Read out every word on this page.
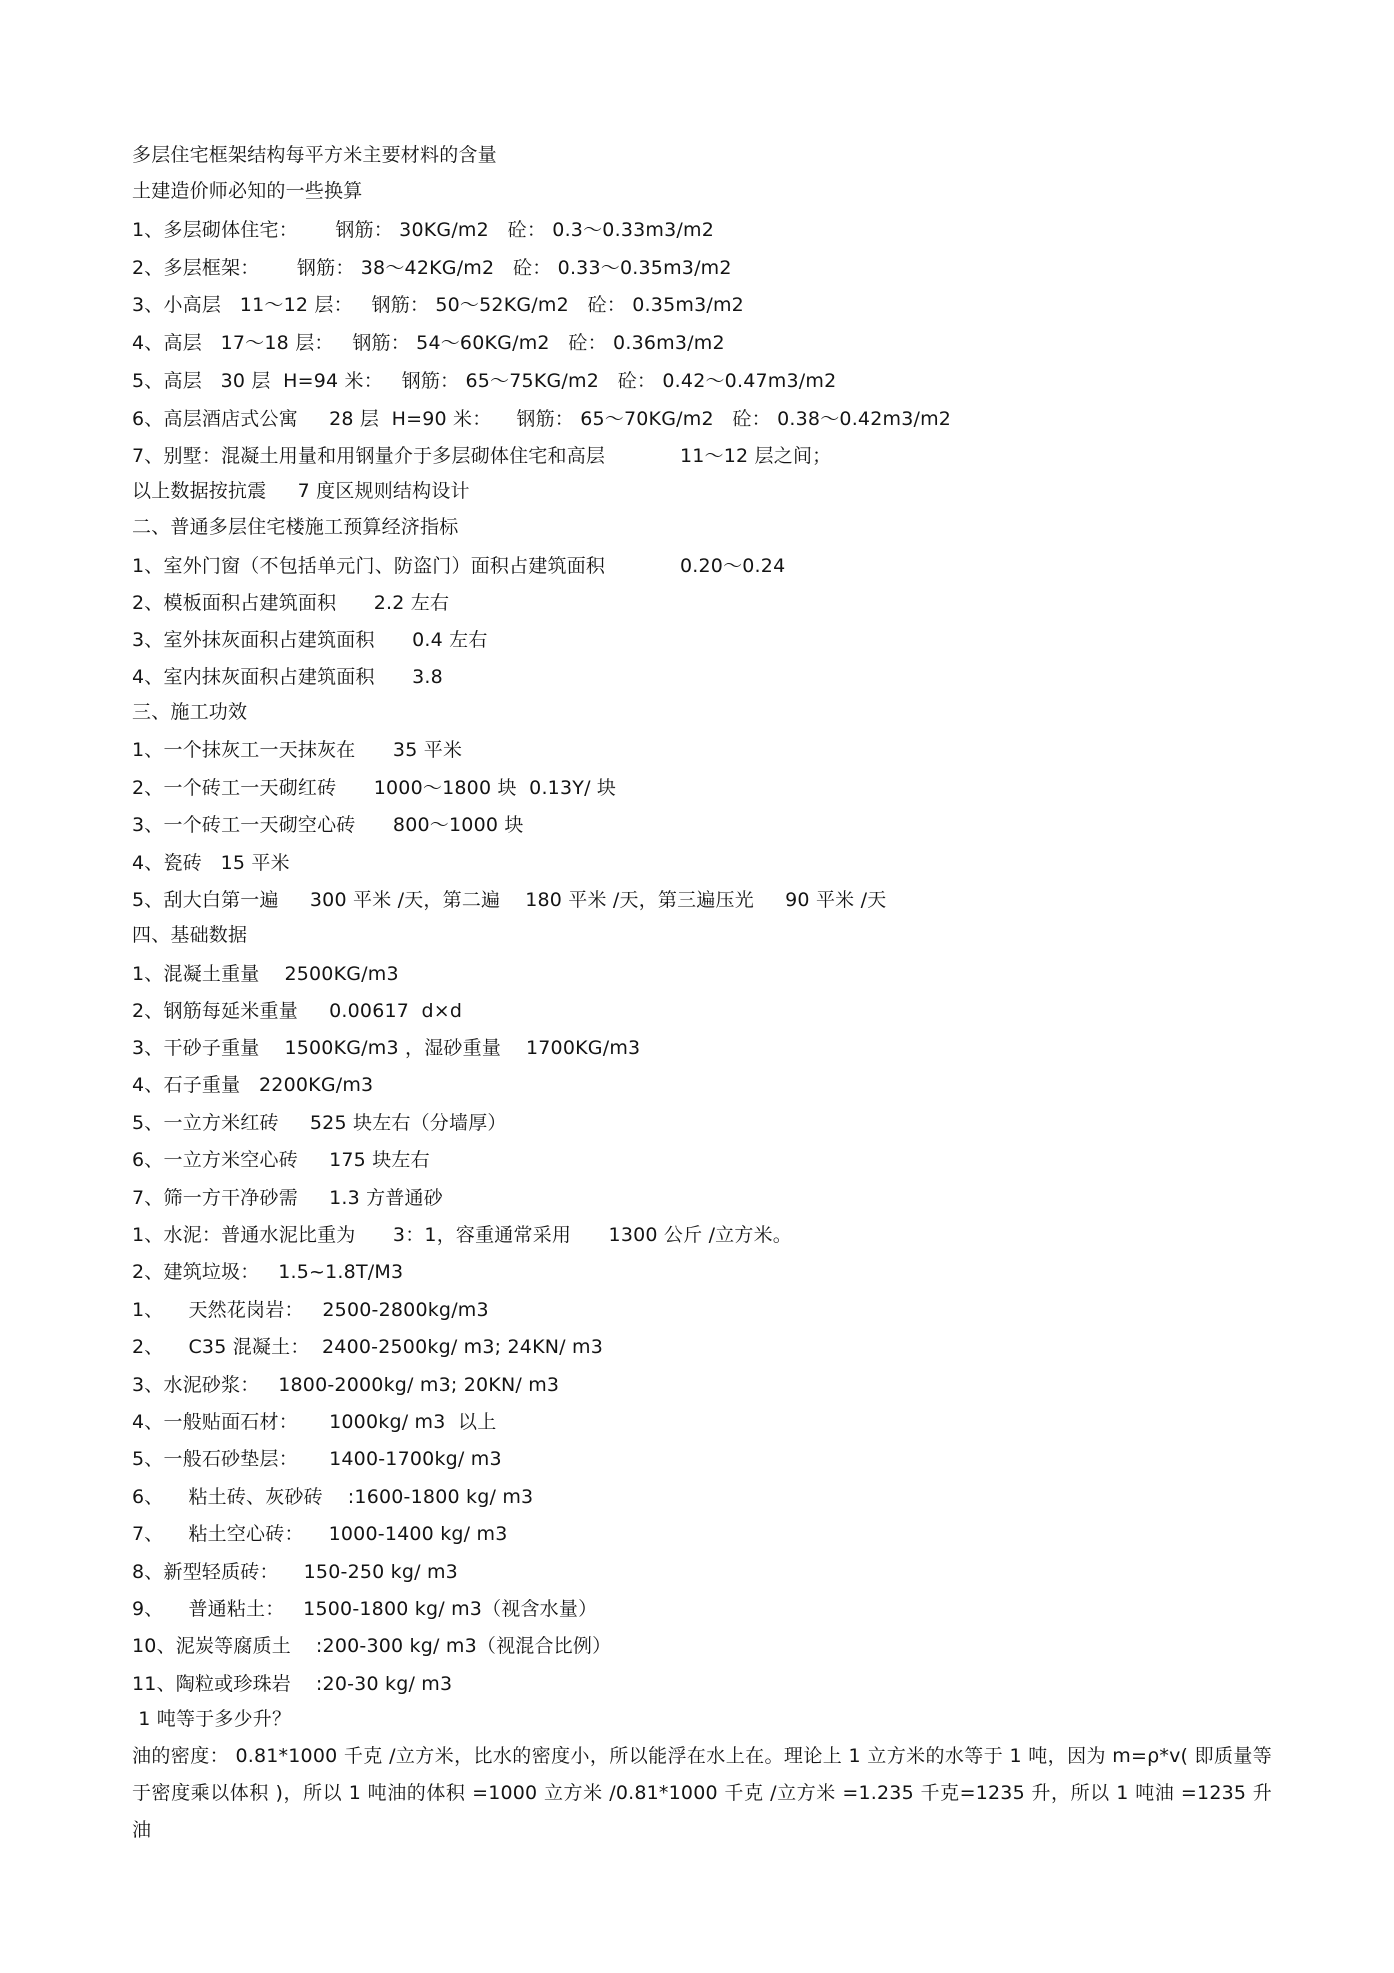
多层住宅框架结构每平方米主要材料的含量
土建造价师必知的一些换算
1、多层砌体住宅：      钢筋： 30KG/m2   砼： 0.3～0.33m3/m2
2、多层框架：      钢筋： 38～42KG/m2   砼： 0.33～0.35m3/m2
3、小高层   11～12 层：   钢筋： 50～52KG/m2   砼： 0.35m3/m2
4、高层   17～18 层：   钢筋： 54～60KG/m2   砼： 0.36m3/m2
5、高层   30 层  H=94 米：   钢筋： 65～75KG/m2   砼： 0.42～0.47m3/m2
6、高层酒店式公寓     28 层  H=90 米：    钢筋： 65～70KG/m2   砼： 0.38～0.42m3/m2
7、别墅：混凝土用量和用钢量介于多层砌体住宅和高层            11～12 层之间；
以上数据按抗震     7 度区规则结构设计
二、普通多层住宅楼施工预算经济指标
1、室外门窗（不包括单元门、防盗门）面积占建筑面积            0.20～0.24
2、模板面积占建筑面积      2.2 左右
3、室外抹灰面积占建筑面积      0.4 左右
4、室内抹灰面积占建筑面积      3.8
三、施工功效
1、一个抹灰工一天抹灰在      35 平米
2、一个砖工一天砌红砖      1000～1800 块  0.13Y/ 块
3、一个砖工一天砌空心砖      800～1000 块
4、瓷砖   15 平米
5、刮大白第一遍     300 平米 /天，第二遍    180 平米 /天，第三遍压光     90 平米 /天
四、基础数据
1、混凝土重量    2500KG/m3
2、钢筋每延米重量     0.00617  d×d
3、干砂子重量    1500KG/m3 ，湿砂重量    1700KG/m3
4、石子重量   2200KG/m3
5、一立方米红砖     525 块左右（分墙厚）
6、一立方米空心砖     175 块左右
7、筛一方干净砂需     1.3 方普通砂
1、水泥：普通水泥比重为      3：1，容重通常采用      1300 公斤 /立方米。
2、建筑垃圾：   1.5~1.8T/M3
1、    天然花岗岩：   2500-2800kg/m3
2、    C35 混凝土：  2400-2500kg/ m3; 24KN/ m3
3、水泥砂浆：   1800-2000kg/ m3; 20KN/ m3
4、一般贴面石材：     1000kg/ m3  以上
5、一般石砂垫层：     1400-1700kg/ m3
6、    粘土砖、灰砂砖    :1600-1800 kg/ m3
7、    粘土空心砖：    1000-1400 kg/ m3
8、新型轻质砖：    150-250 kg/ m3
9、    普通粘土：   1500-1800 kg/ m3（视含水量）
10、泥炭等腐质土    :200-300 kg/ m3（视混合比例）
11、陶粒或珍珠岩    :20-30 kg/ m3
1 吨等于多少升？
油的密度： 0.81*1000 千克 /立方米，比水的密度小，所以能浮在水上在。理论上 1 立方米的水等于 1 吨，因为 m=ρ*v( 即质量等于密度乘以体积 )，所以 1 吨油的体积 =1000 立方米 /0.81*1000 千克 /立方米 =1.235 千克=1235 升，所以 1 吨油 =1235 升油
